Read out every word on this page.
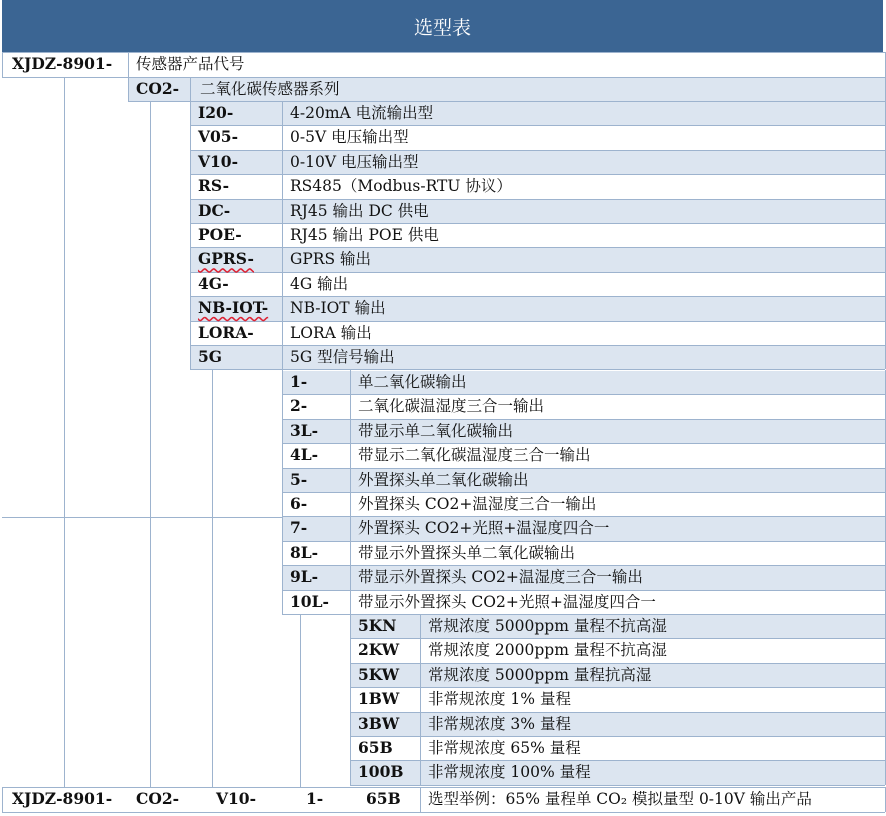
选型表
XJDZ-8901- 传感器产品代号
CO2- 二氧化碳传感器系列
I20-	4-20mA 电流输出型
V05-	0-5V 电压输出型
V10-	0-10V 电压输出型
RS-	RS485（Modbus-RTU 协议）
DC-	RJ45 输出 DC 供电
POE-	RJ45 输出 POE 供电
GPRS- GPRS 输出
4G-	4G 输出
NB-IOT- NB-IOT 输出
LORA- LORA 输出
5G	5G 型信号输出
1-	单二氧化碳输出
2-	二氧化碳温湿度三合一输出
3L-	带显示单二氧化碳输出
4L-	带显示二氧化碳温湿度三合一输出
5-	外置探头单二氧化碳输出
6-	外置探头 CO2+温湿度三合一输出
7-	外置探头 CO2+光照+温湿度四合一
8L-	带显示外置探头单二氧化碳输出
9L-	带显示外置探头 CO2+温湿度三合一输出
10L- 带显示外置探头 CO2+光照+温湿度四合一
5KN 常规浓度 5000ppm 量程不抗高湿
2KW 常规浓度 2000ppm 量程不抗高湿
5KW 常规浓度 5000ppm 量程抗高湿
1BW 非常规浓度 1% 量程
3BW 非常规浓度 3% 量程
65B 非常规浓度 65% 量程
100B 非常规浓度 100% 量程
XJDZ-8901- CO2- V10-	1-	65B 选型举例：65% 量程单 CO₂ 模拟量型 0-10V 输出产品
